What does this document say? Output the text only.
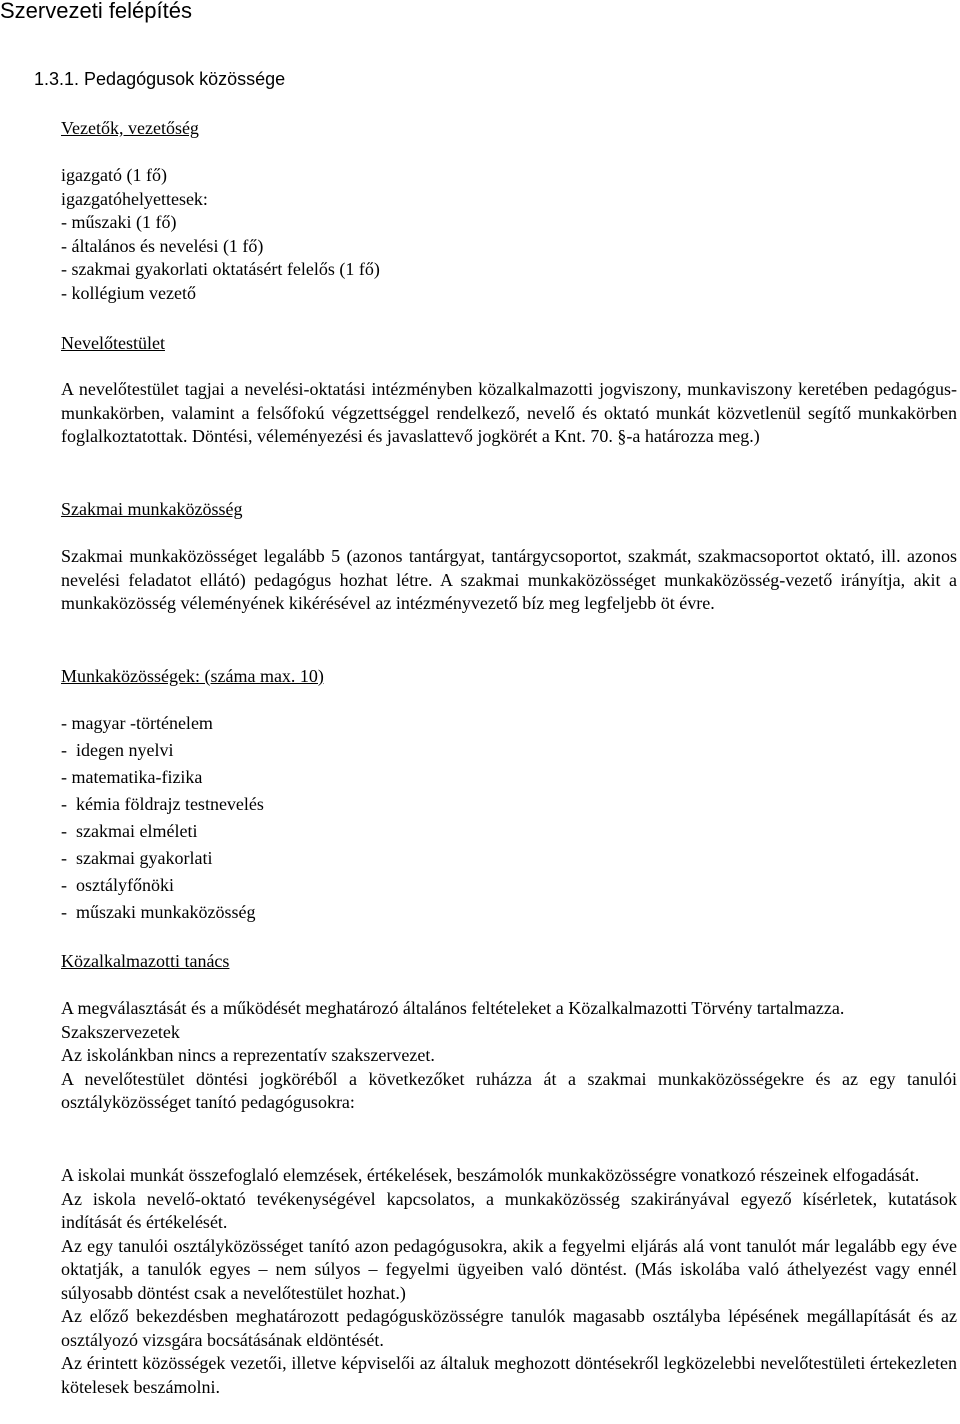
Szervezeti felépítés
1.3.1. Pedagógusok közössége
Vezetők, vezetőség
igazgató (1 fő)
igazgatóhelyettesek:
- műszaki (1 fő)
- általános és nevelési (1 fő)
- szakmai gyakorlati oktatásért felelős (1 fő)
- kollégium vezető
Nevelőtestület

A nevelőtestület tagjai a nevelési-oktatási intézményben közalkalmazotti jogviszony, munkaviszony keretében pedagógus-munkakörben, valamint a felsőfokú végzettséggel rendelkező, nevelő és oktató munkát közvetlenül segítő munkakörben foglalkoztatottak. Döntési, véleményezési és javaslattevő jogkörét a Knt. 70. §-a határozza meg.)

Szakmai munkaközösség

Szakmai munkaközösséget legalább 5 (azonos tantárgyat, tantárgycsoportot, szakmát, szakmacsoportot oktató, ill. azonos nevelési feladatot ellátó) pedagógus hozhat létre. A szakmai munkaközösséget munkaközösség-vezető irányítja, akit a munkaközösség véleményének kikérésével az intézményvezető bíz meg legfeljebb öt évre.

Munkaközösségek: (száma max. 10)
- magyar -történelem
-  idegen nyelvi
- matematika-fizika
-  kémia földrajz testnevelés
-  szakmai elméleti
-  szakmai gyakorlati
-  osztályfőnöki
-  műszaki munkaközösség
Közalkalmazotti tanács

A megválasztását és a működését meghatározó általános feltételeket a Közalkalmazotti Törvény tartalmazza.

Szakszervezetek

Az iskolánkban nincs a reprezentatív szakszervezet.

A nevelőtestület döntési jogköréből a következőket ruházza át a szakmai munkaközösségekre és az egy tanulói osztályközösséget tanító pedagógusokra:

A iskolai munkát összefoglaló elemzések, értékelések, beszámolók munkaközösségre vonatkozó részeinek elfogadását.

Az iskola nevelő-oktató tevékenységével kapcsolatos, a munkaközösség szakirányával egyező kísérletek, kutatások indítását és értékelését.

Az egy tanulói osztályközösséget tanító azon pedagógusokra, akik a fegyelmi eljárás alá vont tanulót már legalább egy éve oktatják, a tanulók egyes – nem súlyos – fegyelmi ügyeiben való döntést. (Más iskolába való áthelyezést vagy ennél súlyosabb döntést csak a nevelőtestület hozhat.)

Az előző bekezdésben meghatározott pedagógusközösségre tanulók magasabb osztályba lépésének megállapítását és az osztályozó vizsgára bocsátásának eldöntését.

Az érintett közösségek vezetői, illetve képviselői az általuk meghozott döntésekről legközelebbi nevelőtestületi értekezleten kötelesek beszámolni.
